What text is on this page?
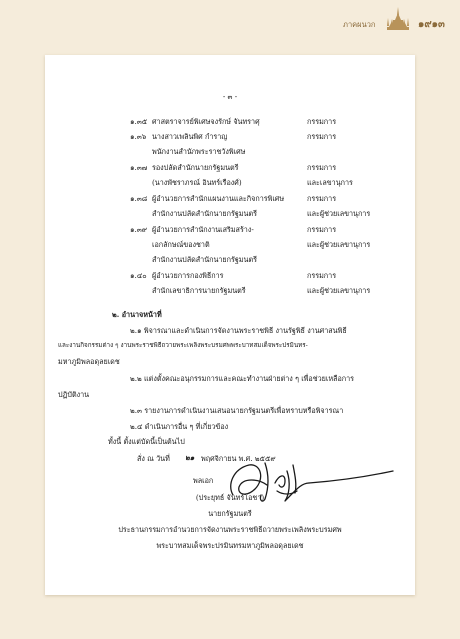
ภาคผนวก	๑๙๑๓
- ๓ -
๑.๓๕ ศาสตราจารย์พิเศษจงรักษ์ จันทราศุ	กรรมการ
๑.๓๖ นางสาวเพลินพิศ กำราญ	กรรมการ
พนักงานสำนักพระราชวังพิเศษ
๑.๓๗ รองปลัดสำนักนายกรัฐมนตรี	กรรมการ
(นางพัชราภรณ์ อินทร์เรืองศ์)	และเลขานุการ
๑.๓๘ ผู้อำนวยการสำนักแผนงานและกิจการพิเศษ	กรรมการ
สำนักงานปลัดสำนักนายกรัฐมนตรี	และผู้ช่วยเลขานุการ
๑.๓๙ ผู้อำนวยการสำนักงานเสริมสร้าง-	กรรมการ
เอกลักษณ์ของชาติ	และผู้ช่วยเลขานุการ
สำนักงานปลัดสำนักนายกรัฐมนตรี
๑.๔๐ ผู้อำนวยการกองพิธีการ	กรรมการ
สำนักเลขาธิการนายกรัฐมนตรี	และผู้ช่วยเลขานุการ
๒. อำนาจหน้าที่
๒.๑ พิจารณาและดำเนินการจัดงานพระราชพิธี งานรัฐพิธี งานศาสนพิธี
และงานกิจกรรมต่าง ๆ งานพระราชพิธีถวายพระเพลิงพระบรมศพพระบาทสมเด็จพระปรมินทร-
มหาภูมิพลอดุลยเดช
๒.๒ แต่งตั้งคณะอนุกรรมการและคณะทำงานฝ่ายต่าง ๆ เพื่อช่วยเหลือการ
ปฏิบัติงาน
๒.๓ รายงานการดำเนินงานเสนอนายกรัฐมนตรีเพื่อทราบหรือพิจารณา
๒.๔ ดำเนินการอื่น ๆ ที่เกี่ยวข้อง
ทั้งนี้ ตั้งแต่บัดนี้เป็นต้นไป
สั่ง ณ วันที่ ๒๑ พฤศจิกายน พ.ศ. ๒๕๕๙
พลเอก
(ประยุทธ์ จันทร์โอชา)
นายกรัฐมนตรี
ประธานกรรมการอำนวยการจัดงานพระราชพิธีถวายพระเพลิงพระบรมศพ
พระบาทสมเด็จพระปรมินทรมหาภูมิพลอดุลยเดช
